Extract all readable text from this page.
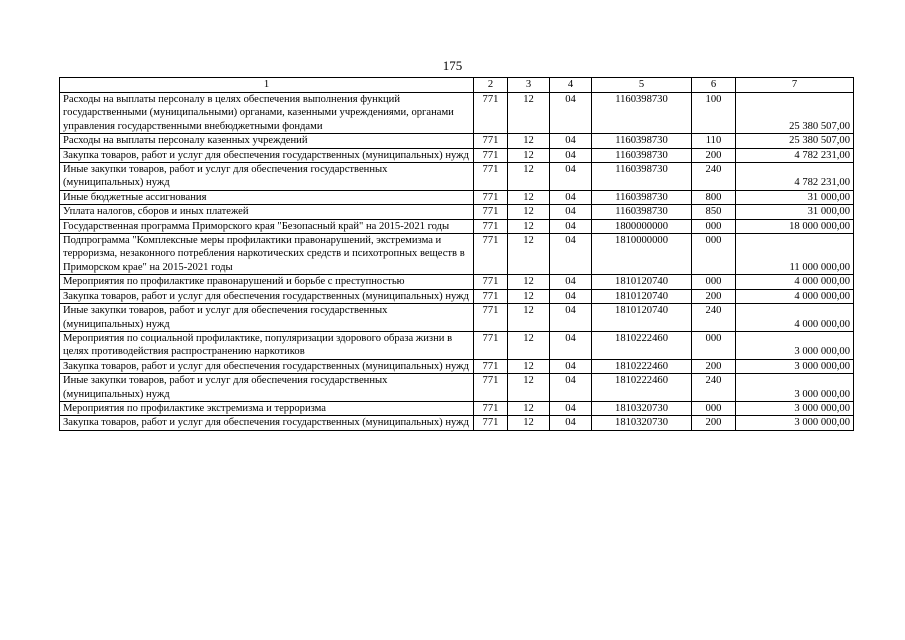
175
1	2	3	4	5	6	7
Расходы на выплаты персоналу в целях обеспечения выполнения функций государственными (муниципальными) органами, казенными учреждениями, органами управления государственными внебюджетными фондами	771	12	04	1160398730	100	25 380 507,00
Расходы на выплаты персоналу казенных учреждений	771	12	04	1160398730	110	25 380 507,00
Закупка товаров, работ и услуг для обеспечения государственных (муниципальных) нужд	771	12	04	1160398730	200	4 782 231,00
Иные закупки товаров, работ и услуг для обеспечения государственных (муниципальных) нужд	771	12	04	1160398730	240	4 782 231,00
Иные бюджетные ассигнования	771	12	04	1160398730	800	31 000,00
Уплата налогов, сборов и иных платежей	771	12	04	1160398730	850	31 000,00
Государственная программа Приморского края "Безопасный край" на 2015-2021 годы	771	12	04	1800000000	000	18 000 000,00
Подпрограмма "Комплексные меры профилактики правонарушений, экстремизма и терроризма, незаконного потребления наркотических средств и психотропных веществ в Приморском крае" на 2015-2021 годы	771	12	04	1810000000	000	11 000 000,00
Мероприятия по профилактике правонарушений и борьбе с преступностью	771	12	04	1810120740	000	4 000 000,00
Закупка товаров, работ и услуг для обеспечения государственных (муниципальных) нужд	771	12	04	1810120740	200	4 000 000,00
Иные закупки товаров, работ и услуг для обеспечения государственных (муниципальных) нужд	771	12	04	1810120740	240	4 000 000,00
Мероприятия по социальной профилактике, популяризации здорового образа жизни в целях противодействия распространению наркотиков	771	12	04	1810222460	000	3 000 000,00
Закупка товаров, работ и услуг для обеспечения государственных (муниципальных) нужд	771	12	04	1810222460	200	3 000 000,00
Иные закупки товаров, работ и услуг для обеспечения государственных (муниципальных) нужд	771	12	04	1810222460	240	3 000 000,00
Мероприятия по профилактике экстремизма и терроризма	771	12	04	1810320730	000	3 000 000,00
Закупка товаров, работ и услуг для обеспечения государственных (муниципальных) нужд	771	12	04	1810320730	200	3 000 000,00
